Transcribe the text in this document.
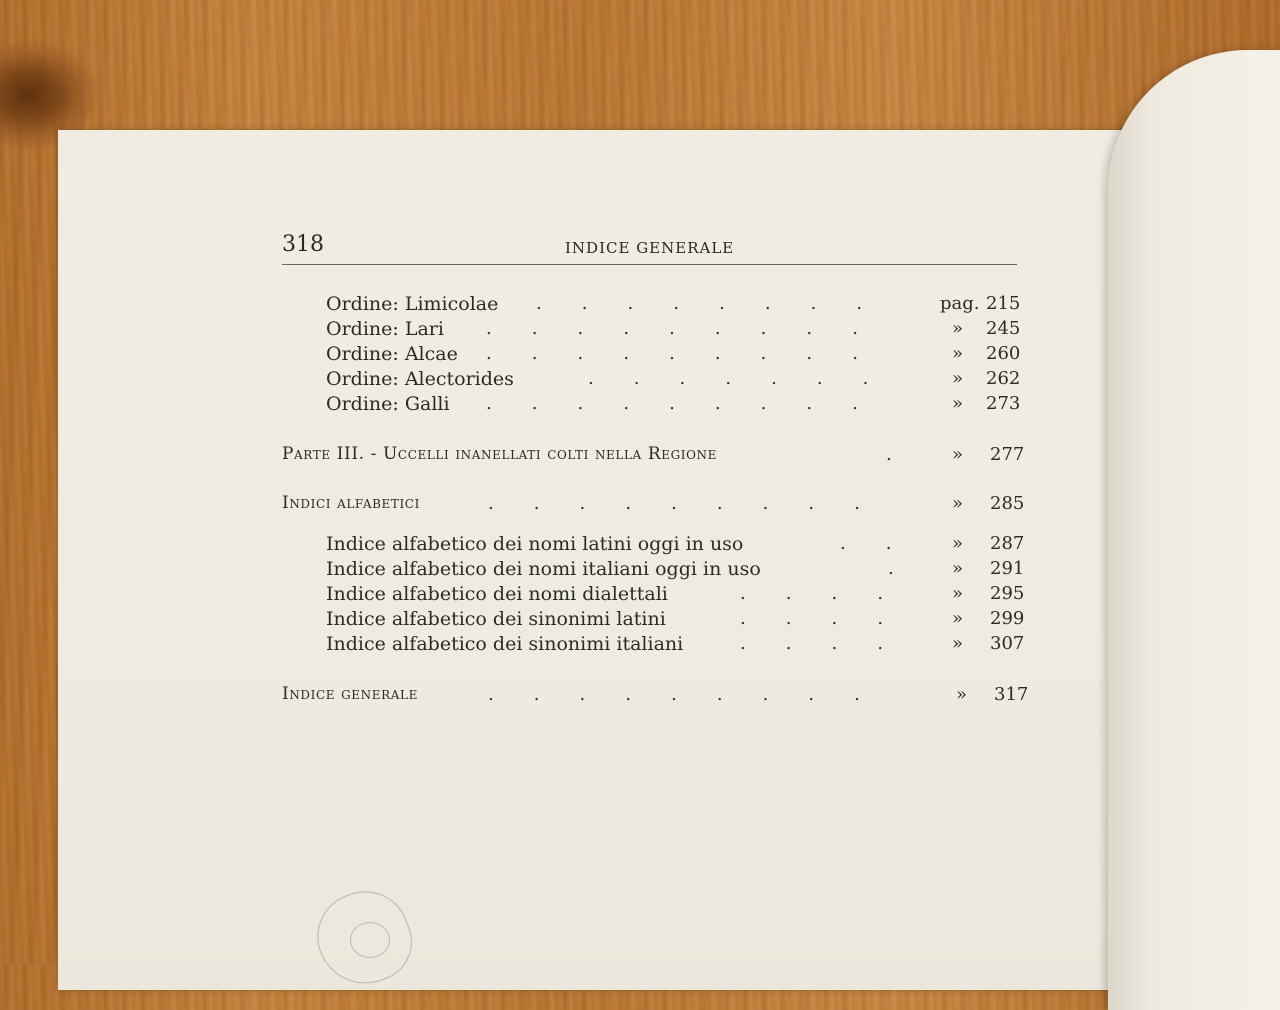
318	INDICE GENERALE
Ordine: Limicolae .       .       .       .       .       .       .       .	pag. 215
Ordine: Lari .       .       .       .       .       .       .       .       .	» 245
Ordine: Alcae .       .       .       .       .       .       .       .       .	» 260
Ordine: Alectorides	.       .       .       .       .       .       .	» 262
Ordine: Galli .       .       .       .       .       .       .       .       .	» 273
Parte III. - Uccelli inanellati colti nella Regione	.	» 277
Indici alfabetici	.       .       .       .       .       .       .       .       .	» 285
Indice alfabetico dei nomi latini oggi in uso	.       .	» 287
Indice alfabetico dei nomi italiani oggi in uso	.	» 291
Indice alfabetico dei nomi dialettali	.       .       .       .	» 295
Indice alfabetico dei sinonimi latini	.       .       .       .	» 299
Indice alfabetico dei sinonimi italiani	.       .       .       .	» 307
Indice generale	.       .       .       .       .       .       .       .       .	» 317
